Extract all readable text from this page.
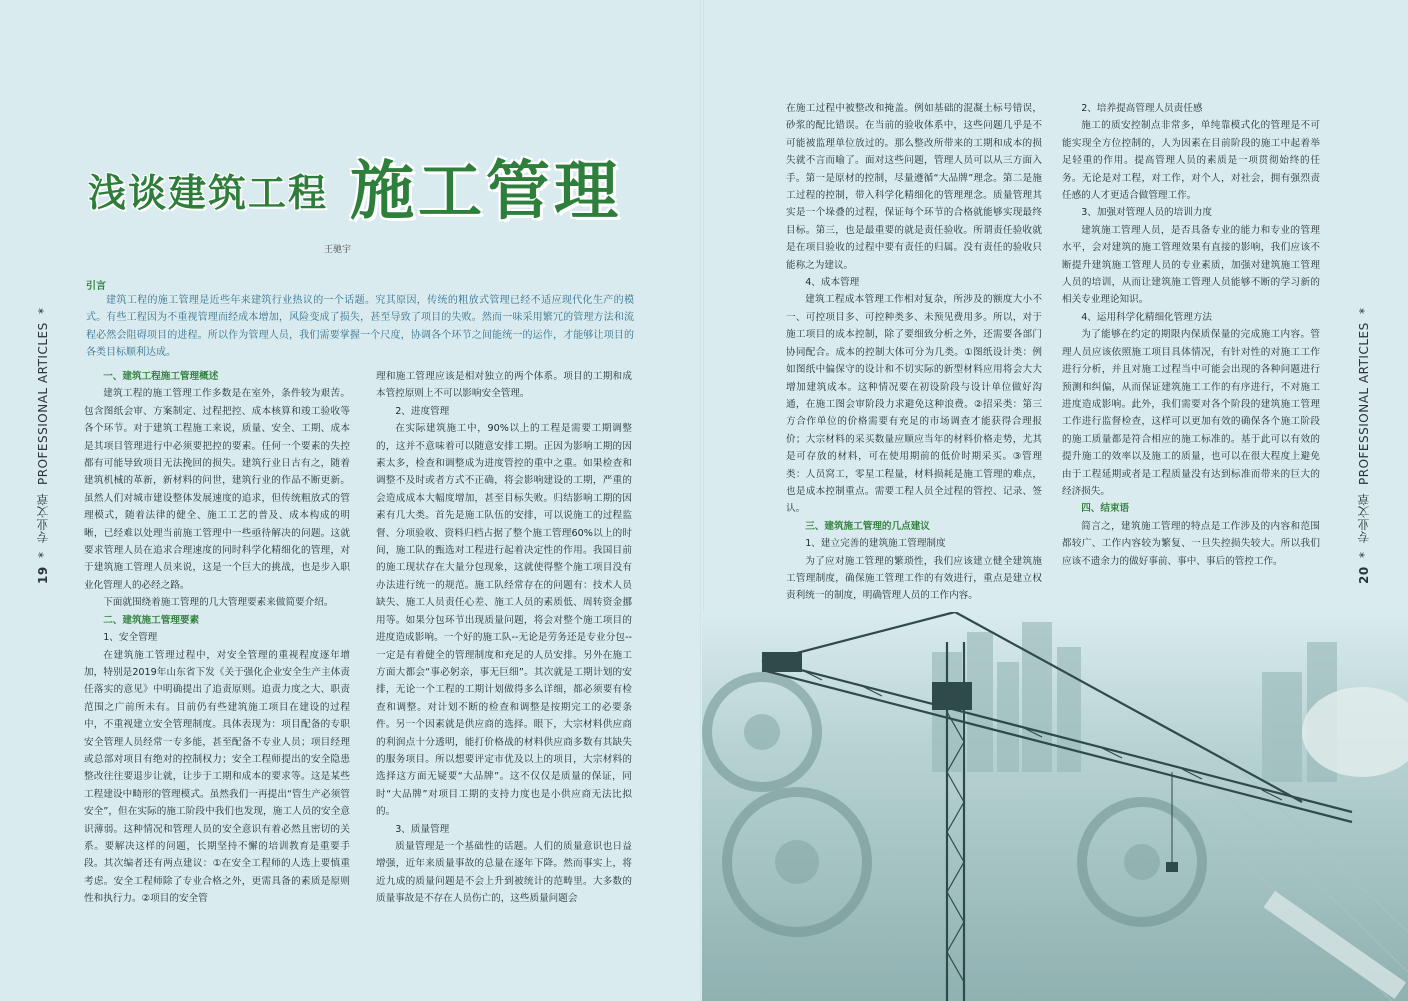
19 * 专业文章 PROFESSIONAL ARTICLES *
20 * 专业文章 PROFESSIONAL ARTICLES *
浅谈建筑工程 施工管理
王驰宇
引言

建筑工程的施工管理是近些年来建筑行业热议的一个话题。究其原因，传统的粗放式管理已经不适应现代化生产的模式。有些工程因为不重视管理而经成本增加，风险变成了损失，甚至导致了项目的失败。然而一味采用繁冗的管理方法和流程必然会阻碍项目的进程。所以作为管理人员，我们需要掌握一个尺度，协调各个环节之间能统一的运作，才能够让项目的各类目标顺利达成。

一、建筑工程施工管理概述

建筑工程的施工管理工作多数是在室外，条件较为艰苦。包含图纸会审、方案制定、过程把控、成本核算和竣工验收等各个环节。对于建筑工程施工来说，质量、安全、工期、成本是其项目管理进行中必须要把控的要素。任何一个要素的失控都有可能导致项目无法挽回的损失。建筑行业日古有之，随着建筑机械的革新，新材料的问世，建筑行业的作品不断更新。虽然人们对城市建设整体发展速度的追求，但传统粗放式的管理模式，随着法律的健全、施工工艺的普及、成本构成的明晰，已经难以处理当前施工管理中一些亟待解决的问题。这就要求管理人员在追求合理速度的同时科学化精细化的管理，对于建筑施工管理人员来说，这是一个巨大的挑战，也是步入职业化管理人的必经之路。

下面就围绕着施工管理的几大管理要素来做简要介绍。

二、建筑施工管理要素

1、安全管理

在建筑施工管理过程中，对安全管理的重视程度逐年增加，特别是2019年山东省下发《关于强化企业安全生产主体责任落实的意见》中明确提出了追责原则。追责力度之大、职责范围之广前所未有。目前仍有些建筑施工项目在建设的过程中，不重视建立安全管理制度。具体表现为：项目配备的专职安全管理人员经常一专多能，甚至配备不专业人员；项目经理或总部对项目有绝对的控制权力；安全工程师提出的安全隐患整改往往要退步让就，让步于工期和成本的要求等。这是某些工程建设中畸形的管理模式。虽然我们一再提出“管生产必须管安全”，但在实际的施工阶段中我们也发现，施工人员的安全意识薄弱。这种情况和管理人员的安全意识有着必然且密切的关系。要解决这样的问题，长期坚持不懈的培训教育是重要手段。其次编者还有两点建议：①在安全工程师的人选上要慎重考虑。安全工程师除了专业合格之外，更需具备的素质是原则性和执行力。②项目的安全管

理和施工管理应该是相对独立的两个体系。项目的工期和成本管控原则上不可以影响安全管理。

2、进度管理

在实际建筑施工中，90%以上的工程是需要工期调整的，这并不意味着可以随意安排工期。正因为影响工期的因素太多，检查和调整成为进度管控的重中之重。如果检查和调整不及时或者方式不正确，将会影响建设的工期，严重的会造成成本大幅度增加，甚至目标失败。归结影响工期的因素有几大类。首先是施工队伍的安排，可以说施工的过程监督、分项验收、资料归档占据了整个施工管理60%以上的时间，施工队的甄选对工程进行起着决定性的作用。我国目前的施工现状存在大量分包现象，这就使得整个施工项目没有办法进行统一的规范。施工队经常存在的问题有：技术人员缺失、施工人员责任心差、施工人员的素质低、周转资金挪用等。如果分包环节出现质量问题，将会对整个施工项目的进度造成影响。一个好的施工队--无论是劳务还是专业分包--一定是有着健全的管理制度和充足的人员安排。另外在施工方面大都会“事必躬亲，事无巨细”。其次就是工期计划的安排，无论一个工程的工期计划做得多么详细，都必须要有检查和调整。对计划不断的检查和调整是按期完工的必要条件。另一个因素就是供应商的选择。眼下，大宗材料供应商的利润点十分透明，能打价格战的材料供应商多数有其缺失的服务项目。所以想要评定市优及以上的项目，大宗材料的选择这方面无疑要“大品牌”。这不仅仅是质量的保证，同时“大品牌”对项目工期的支持力度也是小供应商无法比拟的。

3、质量管理

质量管理是一个基础性的话题。人们的质量意识也日益增强，近年来质量事故的总量在逐年下降。然而事实上，将近九成的质量问题是不会上升到被统计的范畴里。大多数的质量事故是不存在人员伤亡的，这些质量问题会

在施工过程中被整改和掩盖。例如基础的混凝土标号错误，砂浆的配比错误。在当前的验收体系中，这些问题几乎是不可能被监理单位放过的。那么整改所带来的工期和成本的损失就不言而喻了。面对这些问题，管理人员可以从三方面入手。第一是原材的控制，尽量遵循“大品牌”理念。第二是施工过程的控制，带入科学化精细化的管理理念。质量管理其实是一个垛叠的过程，保证每个环节的合格就能够实现最终目标。第三，也是最重要的就是责任验收。所谓责任验收就是在项目验收的过程中要有责任的归属。没有责任的验收只能称之为建议。

4、成本管理

建筑工程成本管理工作相对复杂，所涉及的额度大小不一、可控项目多、可控种类多、未预见费用多。所以，对于施工项目的成本控制，除了要细致分析之外，还需要各部门协同配合。成本的控制大体可分为几类。①图纸设计类：例如图纸中偏保守的设计和不切实际的新型材料应用将会大大增加建筑成本。这种情况要在初设阶段与设计单位做好沟通，在施工图会审阶段力求避免这种浪费。②招采类：第三方合作单位的价格需要有充足的市场调查才能获得合理报价；大宗材料的采买数量应顺应当年的材料价格走势，尤其是可存放的材料，可在使用期前的低价时期采买。③管理类：人员窝工，零星工程量，材料损耗是施工管理的难点，也是成本控制重点。需要工程人员全过程的管控、记录、签认。

三、建筑施工管理的几点建议

1、建立完善的建筑施工管理制度

为了应对施工管理的繁琐性，我们应该建立健全建筑施工管理制度，确保施工管理工作的有效进行，重点是建立权责利统一的制度，明确管理人员的工作内容。

2、培养提高管理人员责任感

施工的质安控制点非常多，单纯靠模式化的管理是不可能实现全方位控制的，人为因素在目前阶段的施工中起着举足轻重的作用。提高管理人员的素质是一项贯彻始终的任务。无论是对工程，对工作，对个人，对社会，拥有强烈责任感的人才更适合做管理工作。

3、加强对管理人员的培训力度

建筑施工管理人员，是否具备专业的能力和专业的管理水平，会对建筑的施工管理效果有直接的影响，我们应该不断提升建筑施工管理人员的专业素质，加强对建筑施工管理人员的培训，从而让建筑施工管理人员能够不断的学习新的相关专业理论知识。

4、运用科学化精细化管理方法

为了能够在约定的期限内保质保量的完成施工内容。管理人员应该依照施工项目具体情况，有针对性的对施工工作进行分析，并且对施工过程当中可能会出现的各种问题进行预测和纠偏，从而保证建筑施工工作的有序进行，不对施工进度造成影响。此外，我们需要对各个阶段的建筑施工管理工作进行监督检查，这样可以更加有效的确保各个施工阶段的施工质量都是符合相应的施工标准的。基于此可以有效的提升施工的效率以及施工的质量，也可以在很大程度上避免由于工程延期或者是工程质量没有达到标准而带来的巨大的经济损失。

四、结束语

简言之，建筑施工管理的特点是工作涉及的内容和范围都较广、工作内容较为繁复、一旦失控损失较大。所以我们应该不遗余力的做好事前、事中、事后的管控工作。
